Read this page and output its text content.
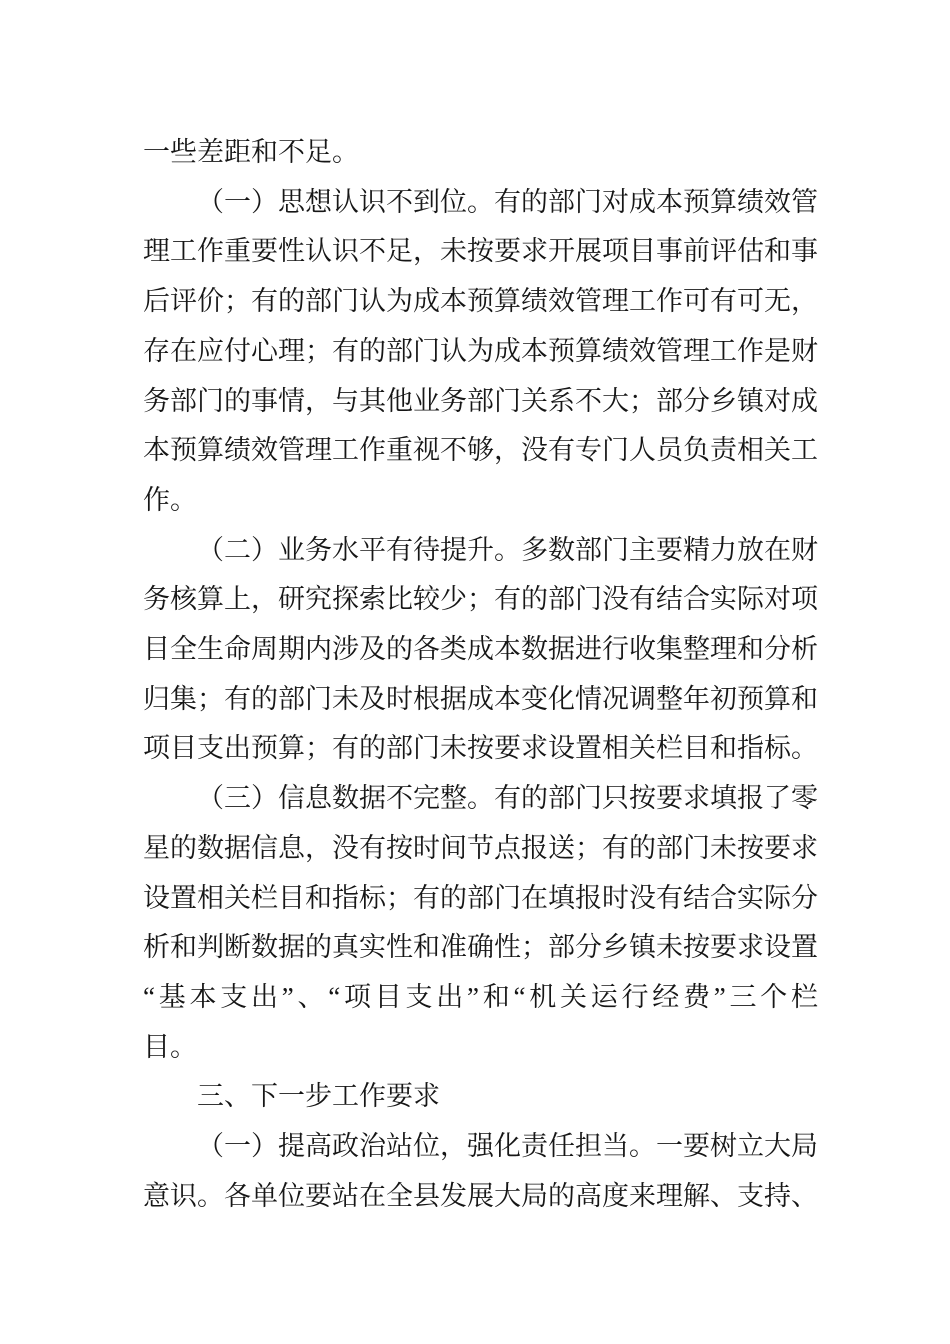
一些差距和不足。
（一）思想认识不到位。有的部门对成本预算绩效管
理工作重要性认识不足，未按要求开展项目事前评估和事
后评价；有的部门认为成本预算绩效管理工作可有可无，
存在应付心理；有的部门认为成本预算绩效管理工作是财
务部门的事情，与其他业务部门关系不大；部分乡镇对成
本预算绩效管理工作重视不够，没有专门人员负责相关工
作。
（二）业务水平有待提升。多数部门主要精力放在财
务核算上，研究探索比较少；有的部门没有结合实际对项
目全生命周期内涉及的各类成本数据进行收集整理和分析
归集；有的部门未及时根据成本变化情况调整年初预算和
项目支出预算；有的部门未按要求设置相关栏目和指标。
（三）信息数据不完整。有的部门只按要求填报了零
星的数据信息，没有按时间节点报送；有的部门未按要求
设置相关栏目和指标；有的部门在填报时没有结合实际分
析和判断数据的真实性和准确性；部分乡镇未按要求设置
“基本支出”、“项目支出”和“机关运行经费”三个栏
目。
三、下一步工作要求
（一）提高政治站位，强化责任担当。一要树立大局
意识。各单位要站在全县发展大局的高度来理解、支持、
